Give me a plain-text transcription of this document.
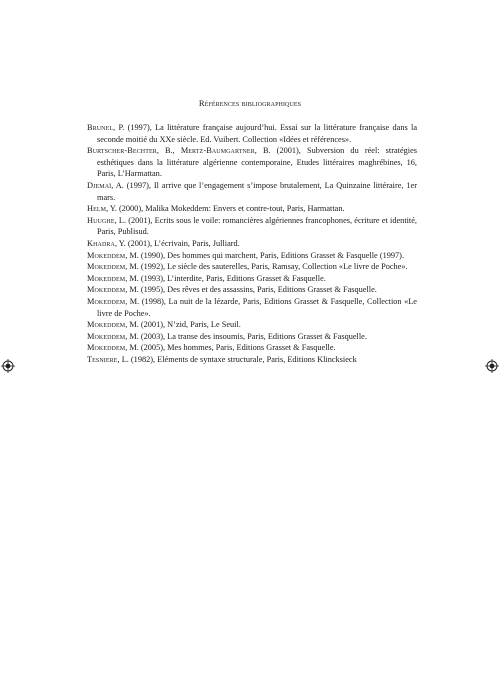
Références bibliographiques
Brunel, P. (1997), La littérature française aujourd’hui. Essai sur la littérature française dans la seconde moitié du XXe siècle. Ed. Vuibert. Collection «Idées et références».
Burtscher-Bechter, B., Mertz-Baumgartner, B. (2001), Subversion du réel: stratégies esthétiques dans la littérature algérienne contemporaine, Etudes littéraires maghrébines, 16, Paris, L’Harmattan.
Djemaï, A. (1997), Il arrive que l’engagement s’impose brutalement, La Quinzaine littéraire, 1er mars.
Helm, Y. (2000), Malika Mokeddem: Envers et contre-tout, Paris, Harmattan.
Huughe, L. (2001), Ecrits sous le voile: romancières algériennes francophones, écriture et identité, Paris, Publisud.
Khadra, Y. (2001), L’écrivain, Paris, Julliard.
Mokeddem, M. (1990), Des hommes qui marchent, Paris, Editions Grasset & Fasquelle (1997).
Mokeddem, M. (1992), Le siècle des sauterelles, Paris, Ramsay, Collection «Le livre de Poche».
Mokeddem, M. (1993), L’interdite, Paris, Editions Grasset & Fasquelle.
Mokeddem, M. (1995), Des rêves et des assassins, Paris, Editions Grasset & Fasquelle.
Mokeddem, M. (1998), La nuit de la lézarde, Paris, Editions Grasset & Fasquelle, Collection «Le livre de Poche».
Mokeddem, M. (2001), N’zid, Paris, Le Seuil.
Mokeddem, M. (2003), La transe des insoumis, Paris, Editions Grasset & Fasquelle.
Mokeddem, M. (2005), Mes hommes, Paris, Editions Grasset & Fasquelle.
Tesniere, L. (1982), Eléments de syntaxe structurale, Paris, Editions Klincksieck
